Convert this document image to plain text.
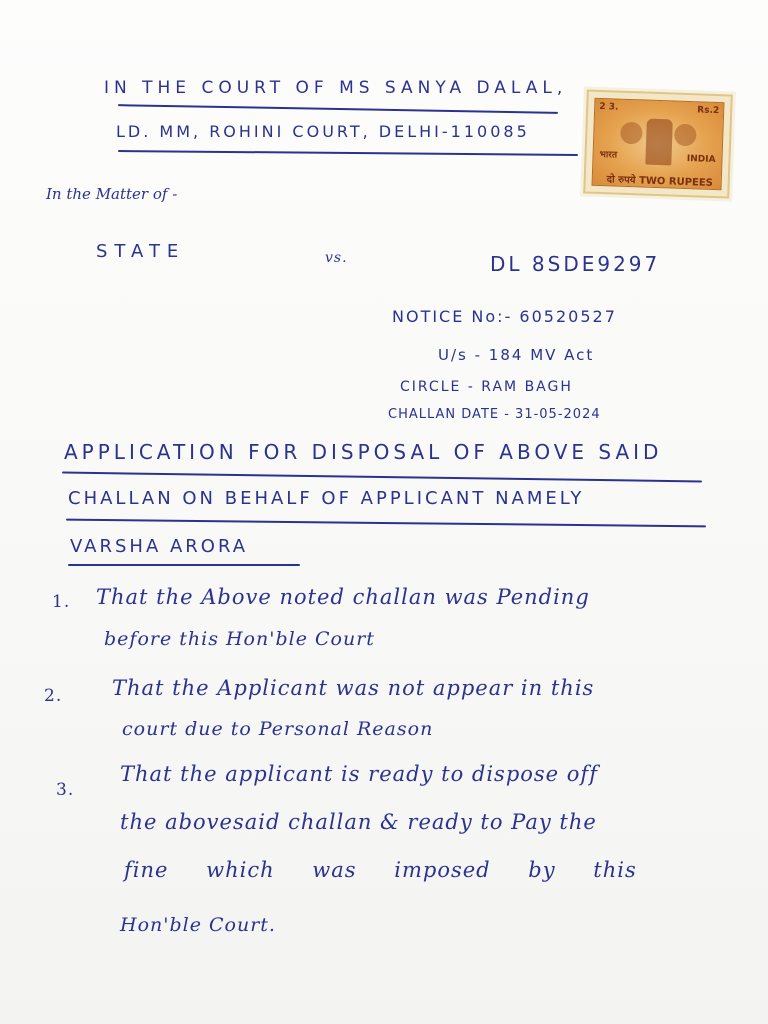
IN THE COURT OF MS SANYA DALAL,
LD. MM, ROHINI COURT, DELHI-110085
2 3.	Rs.2
भारत	INDIA
दो रुपये TWO RUPEES
In the Matter of -
STATE	vs.	DL 8SDE9297
NOTICE No:- 60520527
U/s - 184 MV Act
CIRCLE - RAM BAGH
CHALLAN DATE - 31-05-2024
APPLICATION FOR DISPOSAL OF ABOVE SAID
CHALLAN ON BEHALF OF APPLICANT NAMELY
VARSHA ARORA
1. That the Above noted challan was Pending
before this Hon'ble Court
2. That the Applicant was not appear in this
court due to Personal Reason
3.
That the applicant is ready to dispose off
the abovesaid challan & ready to Pay the
fine which was imposed by this
Hon'ble Court.
